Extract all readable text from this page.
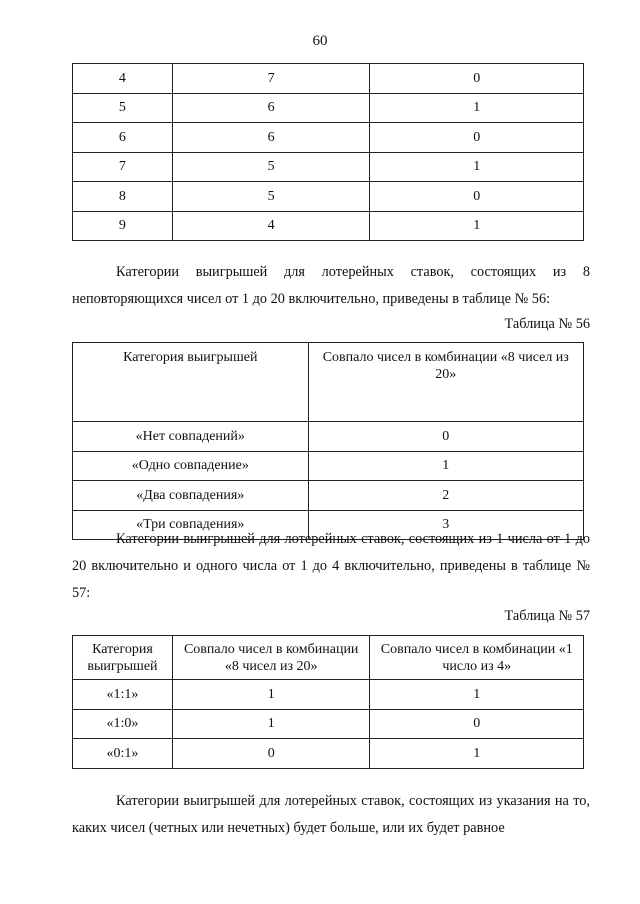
60
4	7	0
5	6	1
6	6	0
7	5	1
8	5	0
9	4	1

Категории выигрышей для лотерейных ставок, состоящих из 8 неповторяющихся чисел от 1 до 20 включительно, приведены в таблице № 56:

Таблица № 56
Категория выигрышей	Совпало чисел в комбинации «8 чисел из 20»
«Нет совпадений»	0
«Одно совпадение»	1
«Два совпадения»	2
«Три совпадения»	3

Категории выигрышей для лотерейных ставок, состоящих из 1 числа от 1 до 20 включительно и одного числа от 1 до 4 включительно, приведены в таблице № 57:

Таблица № 57
Категория выигрышей	Совпало чисел в комбинации «8 чисел из 20»	Совпало чисел в комбинации «1 число из 4»
«1:1»	1	1
«1:0»	1	0
«0:1»	0	1

Категории выигрышей для лотерейных ставок, состоящих из указания на то, каких чисел (четных или нечетных) будет больше, или их будет равное
